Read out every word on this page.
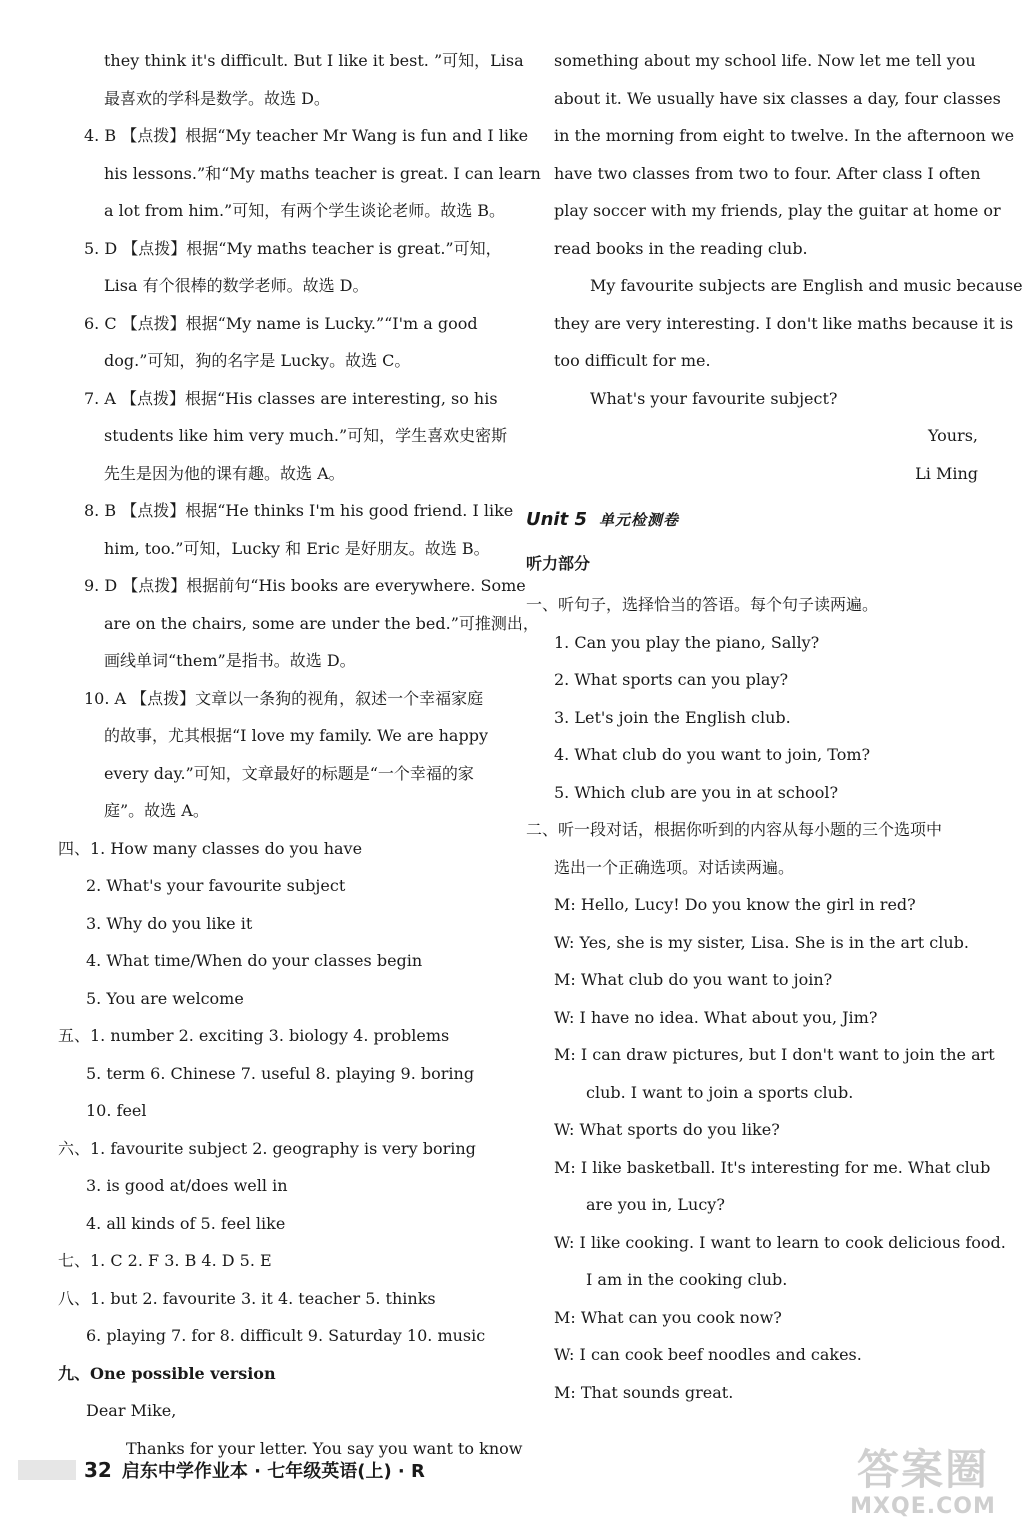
they think it's difficult. But I like it best. ”可知，Lisa
最喜欢的学科是数学。故选 D。
4. B 【点拨】根据“My teacher Mr Wang is fun and I like
his lessons.”和“My maths teacher is great. I can learn
a lot from him.”可知，有两个学生谈论老师。故选 B。
5. D 【点拨】根据“My maths teacher is great.”可知，
Lisa 有个很棒的数学老师。故选 D。
6. C 【点拨】根据“My name is Lucky.”“I'm a good
dog.”可知，狗的名字是 Lucky。故选 C。
7. A 【点拨】根据“His classes are interesting, so his
students like him very much.”可知，学生喜欢史密斯
先生是因为他的课有趣。故选 A。
8. B 【点拨】根据“He thinks I'm his good friend. I like
him, too.”可知，Lucky 和 Eric 是好朋友。故选 B。
9. D 【点拨】根据前句“His books are everywhere. Some
are on the chairs, some are under the bed.”可推测出，
画线单词“them”是指书。故选 D。
10. A 【点拨】文章以一条狗的视角，叙述一个幸福家庭
的故事，尤其根据“I love my family. We are happy
every day.”可知，文章最好的标题是“一个幸福的家
庭”。故选 A。
四、1. How many classes do you have
2. What's your favourite subject
3. Why do you like it
4. What time/When do your classes begin
5. You are welcome
五、1. number 2. exciting 3. biology 4. problems
5. term 6. Chinese 7. useful 8. playing 9. boring
10. feel
六、1. favourite subject 2. geography is very boring
3. is good at/does well in
4. all kinds of 5. feel like
七、1. C 2. F 3. B 4. D 5. E
八、1. but 2. favourite 3. it 4. teacher 5. thinks
6. playing 7. for 8. difficult 9. Saturday 10. music
九、One possible version
Dear Mike,
Thanks for your letter. You say you want to know
something about my school life. Now let me tell you
about it. We usually have six classes a day, four classes
in the morning from eight to twelve. In the afternoon we
have two classes from two to four. After class I often
play soccer with my friends, play the guitar at home or
read books in the reading club.
My favourite subjects are English and music because
they are very interesting. I don't like maths because it is
too difficult for me.
What's your favourite subject?
Yours,
Li Ming
Unit 5 单元检测卷
听力部分
一、听句子，选择恰当的答语。每个句子读两遍。
1. Can you play the piano, Sally?
2. What sports can you play?
3. Let's join the English club.
4. What club do you want to join, Tom?
5. Which club are you in at school?
二、听一段对话，根据你听到的内容从每小题的三个选项中
选出一个正确选项。对话读两遍。
M: Hello, Lucy! Do you know the girl in red?
W: Yes, she is my sister, Lisa. She is in the art club.
M: What club do you want to join?
W: I have no idea. What about you, Jim?
M: I can draw pictures, but I don't want to join the art
club. I want to join a sports club.
W: What sports do you like?
M: I like basketball. It's interesting for me. What club
are you in, Lucy?
W: I like cooking. I want to learn to cook delicious food.
I am in the cooking club.
M: What can you cook now?
W: I can cook beef noodles and cakes.
M: That sounds great.
32 启东中学作业本 · 七年级英语(上) · R	答案圈
MXQE.COM
